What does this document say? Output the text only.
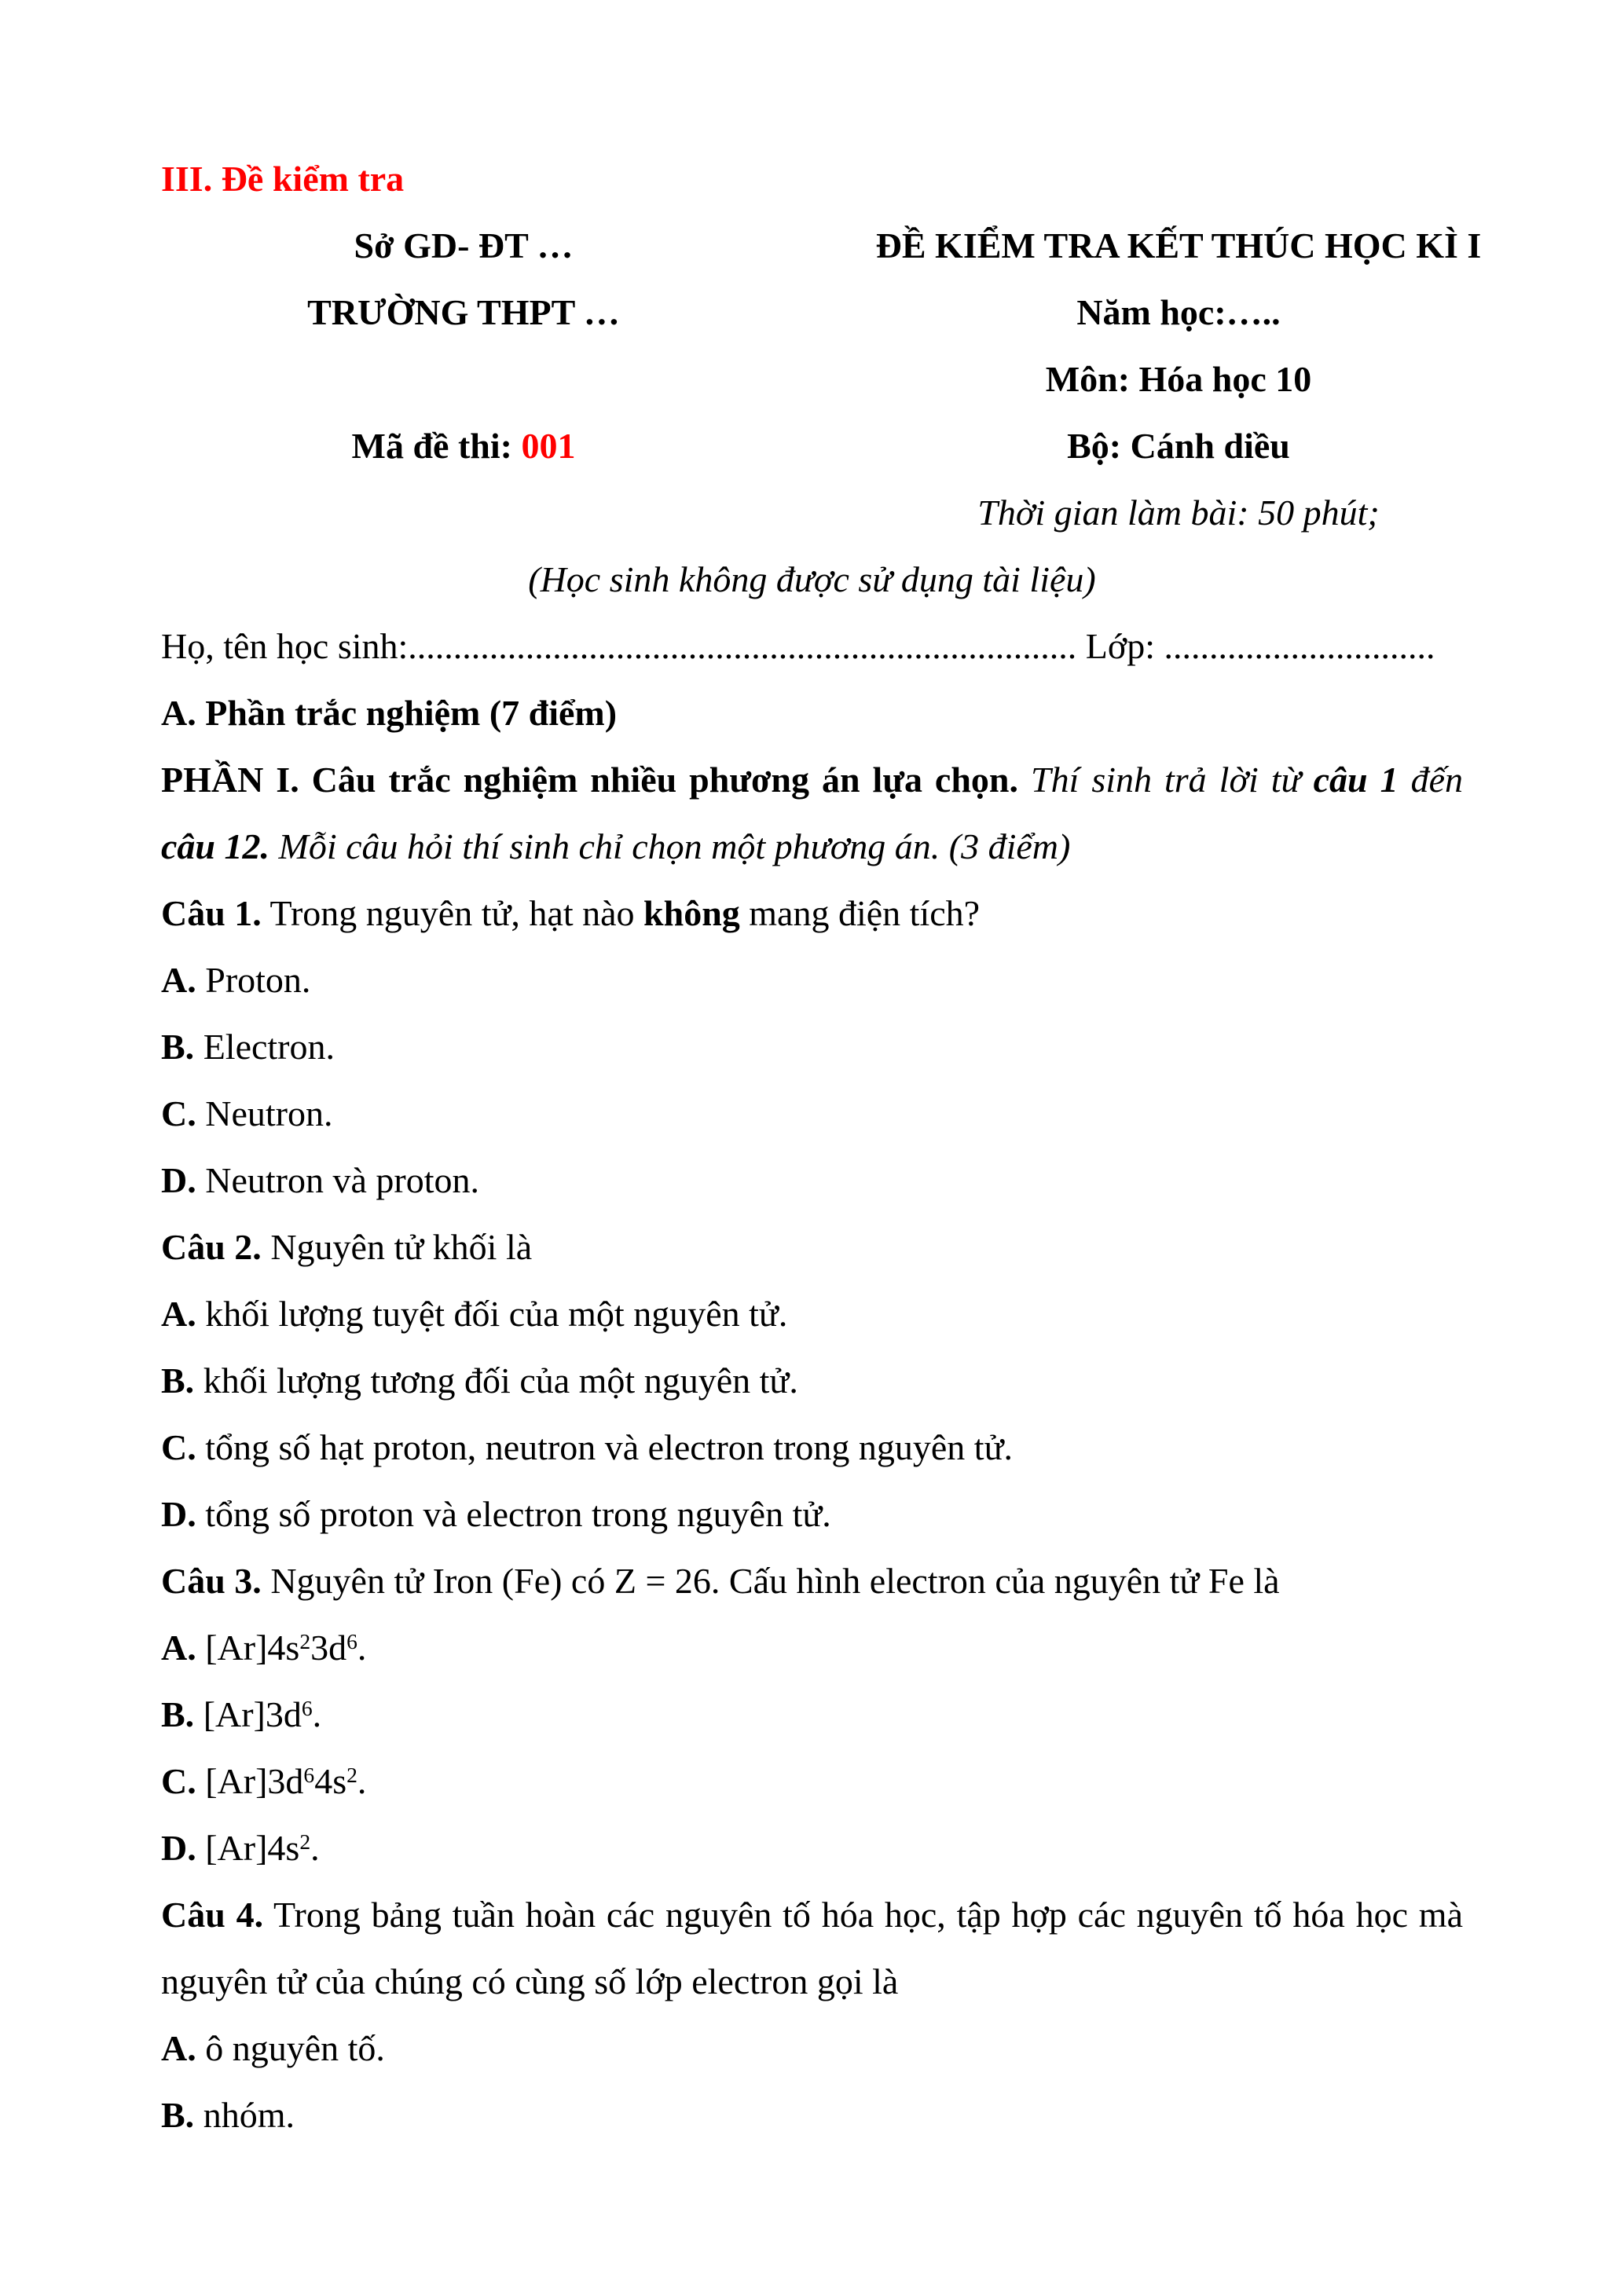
III. Đề kiểm tra
Sở GD- ĐT …
TRƯỜNG THPT …
Mã đề thi: 001
ĐỀ KIỂM TRA KẾT THÚC HỌC KÌ I
Năm học:…..
Môn: Hóa học 10
Bộ: Cánh diều
Thời gian làm bài: 50 phút;
(Học sinh không được sử dụng tài liệu)
Họ, tên học sinh:.......................................................................... Lớp: ..............................
A. Phần trắc nghiệm (7 điểm)

PHẦN I. Câu trắc nghiệm nhiều phương án lựa chọn. Thí sinh trả lời từ câu 1 đến câu 12. Mỗi câu hỏi thí sinh chỉ chọn một phương án. (3 điểm)

Câu 1. Trong nguyên tử, hạt nào không mang điện tích?

A. Proton.
B. Electron.
C. Neutron.
D. Neutron và proton.

Câu 2. Nguyên tử khối là

A. khối lượng tuyệt đối của một nguyên tử.
B. khối lượng tương đối của một nguyên tử.
C. tổng số hạt proton, neutron và electron trong nguyên tử.
D. tổng số proton và electron trong nguyên tử.

Câu 3. Nguyên tử Iron (Fe) có Z = 26. Cấu hình electron của nguyên tử Fe là

A. $[Ar]4s^23d^6$.
B. $[Ar]3d^6$.
C. $[Ar]3d^64s^2$.
D. $[Ar]4s^2$.

Câu 4. Trong bảng tuần hoàn các nguyên tố hóa học, tập hợp các nguyên tố hóa học mà nguyên tử của chúng có cùng số lớp electron gọi là

A. ô nguyên tố.
B. nhóm.
